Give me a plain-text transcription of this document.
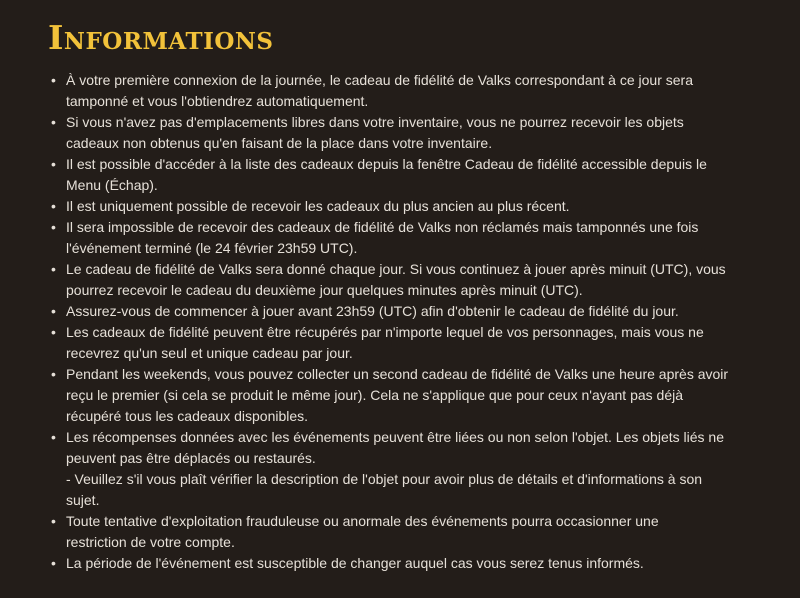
Informations
• À votre première connexion de la journée, le cadeau de fidélité de Valks correspondant à ce jour sera
tamponné et vous l'obtiendrez automatiquement.
• Si vous n'avez pas d'emplacements libres dans votre inventaire, vous ne pourrez recevoir les objets
cadeaux non obtenus qu'en faisant de la place dans votre inventaire.
• Il est possible d'accéder à la liste des cadeaux depuis la fenêtre Cadeau de fidélité accessible depuis le
Menu (Échap).
• Il est uniquement possible de recevoir les cadeaux du plus ancien au plus récent.
• Il sera impossible de recevoir des cadeaux de fidélité de Valks non réclamés mais tamponnés une fois
l'événement terminé (le 24 février 23h59 UTC).
• Le cadeau de fidélité de Valks sera donné chaque jour. Si vous continuez à jouer après minuit (UTC), vous
pourrez recevoir le cadeau du deuxième jour quelques minutes après minuit (UTC).
• Assurez-vous de commencer à jouer avant 23h59 (UTC) afin d'obtenir le cadeau de fidélité du jour.
• Les cadeaux de fidélité peuvent être récupérés par n'importe lequel de vos personnages, mais vous ne
recevrez qu'un seul et unique cadeau par jour.
• Pendant les weekends, vous pouvez collecter un second cadeau de fidélité de Valks une heure après avoir
reçu le premier (si cela se produit le même jour). Cela ne s'applique que pour ceux n'ayant pas déjà
récupéré tous les cadeaux disponibles.
• Les récompenses données avec les événements peuvent être liées ou non selon l'objet. Les objets liés ne
peuvent pas être déplacés ou restaurés.
- Veuillez s'il vous plaît vérifier la description de l'objet pour avoir plus de détails et d'informations à son
sujet.
• Toute tentative d'exploitation frauduleuse ou anormale des événements pourra occasionner une
restriction de votre compte.
• La période de l'événement est susceptible de changer auquel cas vous serez tenus informés.
